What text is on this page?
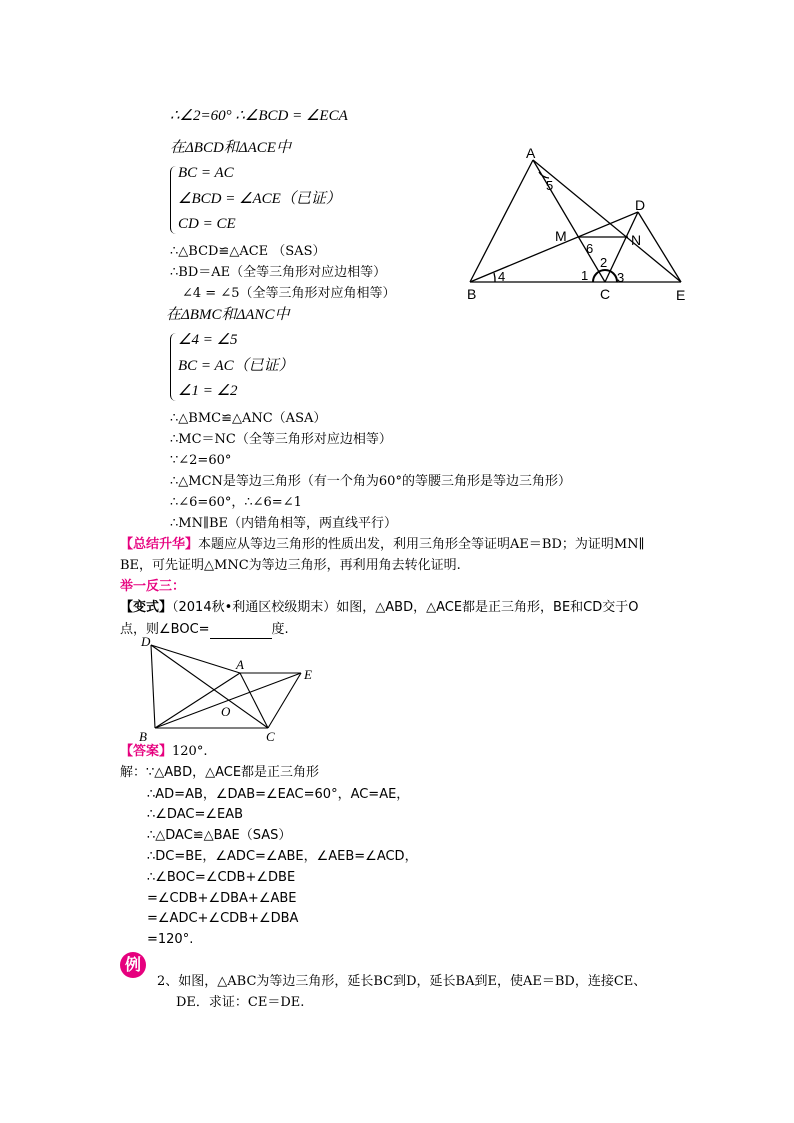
∴∠2=60° ∴∠BCD = ∠ECA
在ΔBCD和ΔACE中
BC = AC
∠BCD = ∠ACE（已证）
CD = CE
∴△BCD≌△ACE （SAS）
∴BD＝AE（全等三角形对应边相等）
∠4 = ∠5（全等三角形对应角相等）
在ΔBMC和ΔANC中
∠4 = ∠5
BC = AC（已证）
∠1 = ∠2
∴△BMC≌△ANC（ASA）
∴MC＝NC（全等三角形对应边相等）
∵∠2=60°
∴△MCN是等边三角形（有一个角为60°的等腰三角形是等边三角形）
∴∠6=60°，∴∠6=∠1
∴MN∥BE（内错角相等，两直线平行）
A
B	C
D
E
M	N
1
2
3
4
5
6
【总结升华】本题应从等边三角形的性质出发，利用三角形全等证明AE＝BD；为证明MN∥
BE，可先证明△MNC为等边三角形，再利用角去转化证明.
举一反三：
【变式】（2014秋•利通区校级期末）如图，△ABD，△ACE都是正三角形，BE和CD交于O
点，则∠BOC=	度.
D
A
E
O
B	C
【答案】120°.
解：∵△ABD，△ACE都是正三角形
∴AD=AB，∠DAB=∠EAC=60°，AC=AE，
∴∠DAC=∠EAB
∴△DAC≌△BAE（SAS）
∴DC=BE，∠ADC=∠ABE，∠AEB=∠ACD，
∴∠BOC=∠CDB+∠DBE
=∠CDB+∠DBA+∠ABE
=∠ADC+∠CDB+∠DBA
=120°.
例
2、如图，△ABC为等边三角形，延长BC到D，延长BA到E，使AE＝BD，连接CE、
DE．求证：CE＝DE.
